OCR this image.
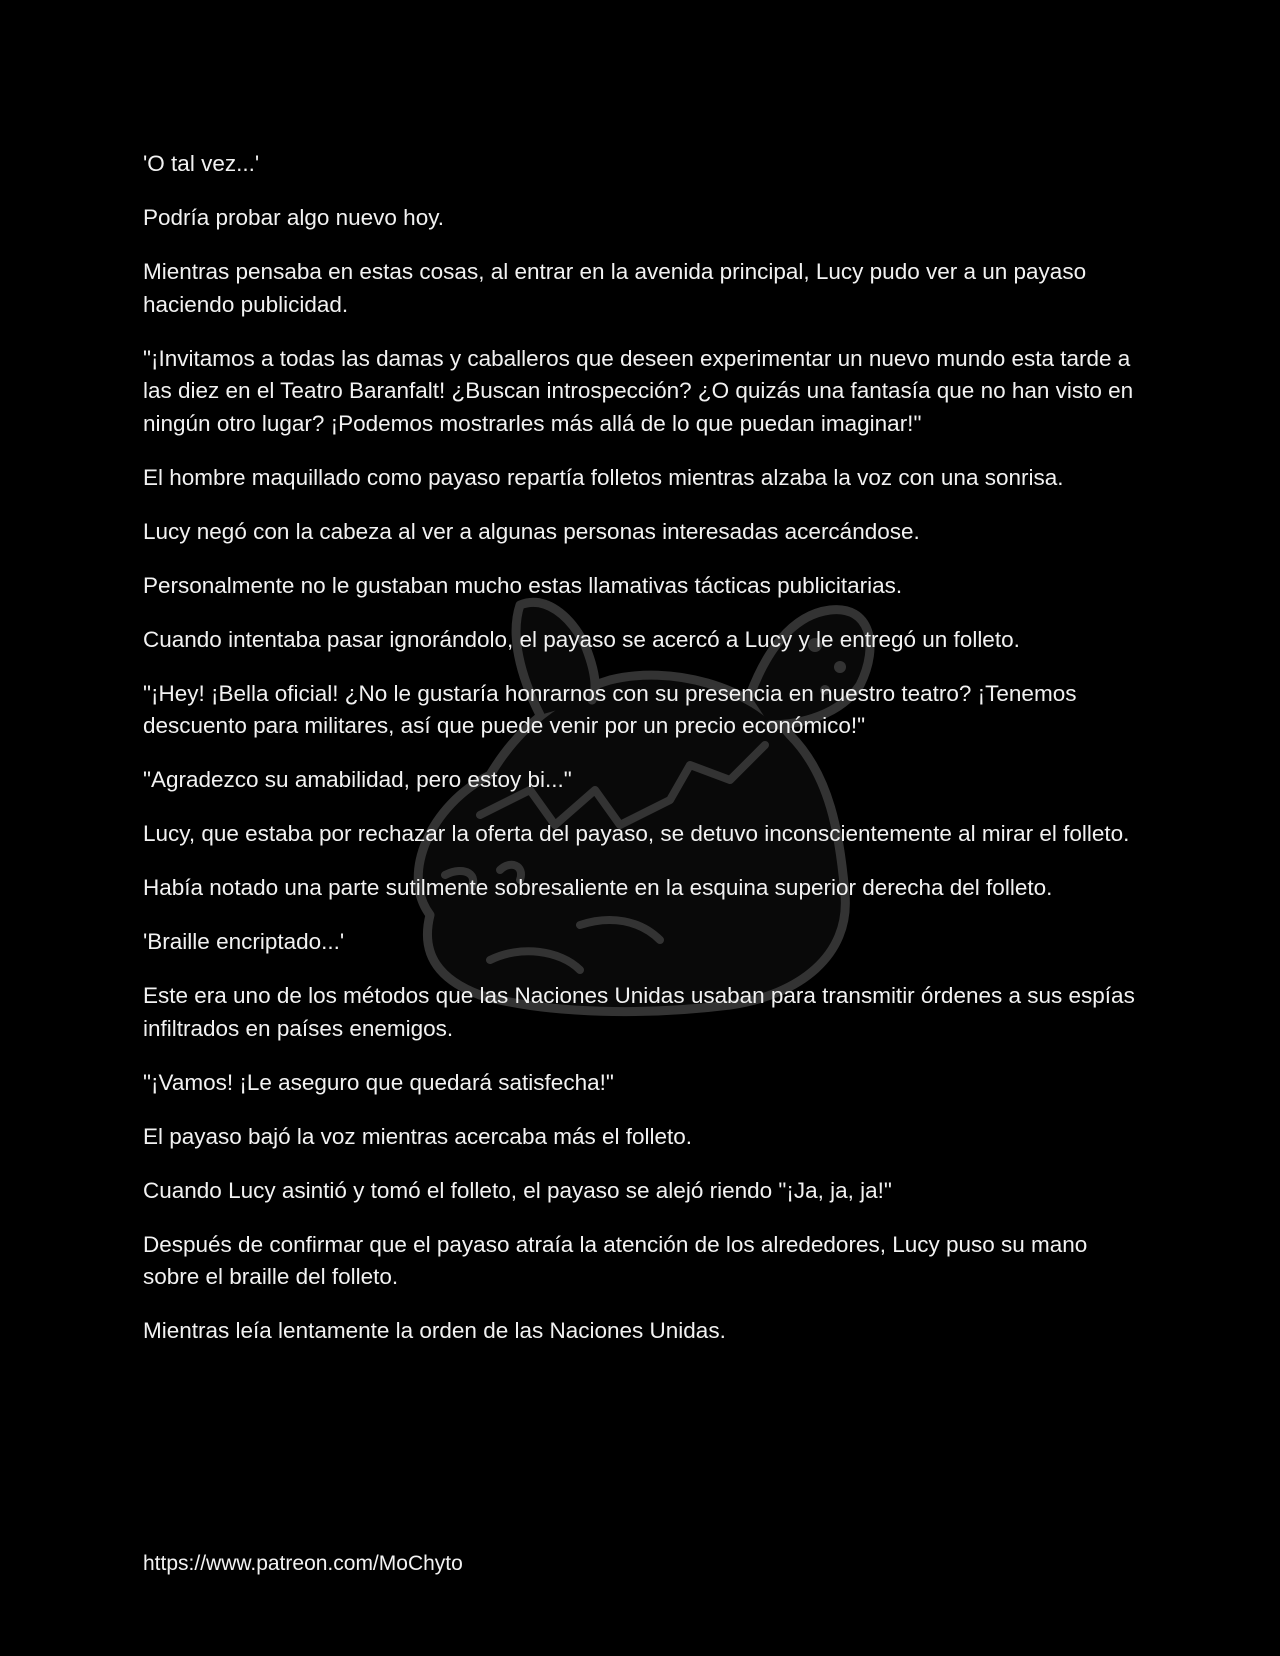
'O tal vez...'

Podría probar algo nuevo hoy.

Mientras pensaba en estas cosas, al entrar en la avenida principal, Lucy pudo ver a un payaso haciendo publicidad.

"¡Invitamos a todas las damas y caballeros que deseen experimentar un nuevo mundo esta tarde a las diez en el Teatro Baranfalt! ¿Buscan introspección? ¿O quizás una fantasía que no han visto en ningún otro lugar? ¡Podemos mostrarles más allá de lo que puedan imaginar!"

El hombre maquillado como payaso repartía folletos mientras alzaba la voz con una sonrisa.

Lucy negó con la cabeza al ver a algunas personas interesadas acercándose.

Personalmente no le gustaban mucho estas llamativas tácticas publicitarias.

Cuando intentaba pasar ignorándolo, el payaso se acercó a Lucy y le entregó un folleto.

"¡Hey! ¡Bella oficial! ¿No le gustaría honrarnos con su presencia en nuestro teatro? ¡Tenemos descuento para militares, así que puede venir por un precio económico!"

"Agradezco su amabilidad, pero estoy bi..."

Lucy, que estaba por rechazar la oferta del payaso, se detuvo inconscientemente al mirar el folleto.

Había notado una parte sutilmente sobresaliente en la esquina superior derecha del folleto.

'Braille encriptado...'

Este era uno de los métodos que las Naciones Unidas usaban para transmitir órdenes a sus espías infiltrados en países enemigos.

"¡Vamos! ¡Le aseguro que quedará satisfecha!"

El payaso bajó la voz mientras acercaba más el folleto.

Cuando Lucy asintió y tomó el folleto, el payaso se alejó riendo "¡Ja, ja, ja!"

Después de confirmar que el payaso atraía la atención de los alrededores, Lucy puso su mano sobre el braille del folleto.

Mientras leía lentamente la orden de las Naciones Unidas.

https://www.patreon.com/MoChyto
